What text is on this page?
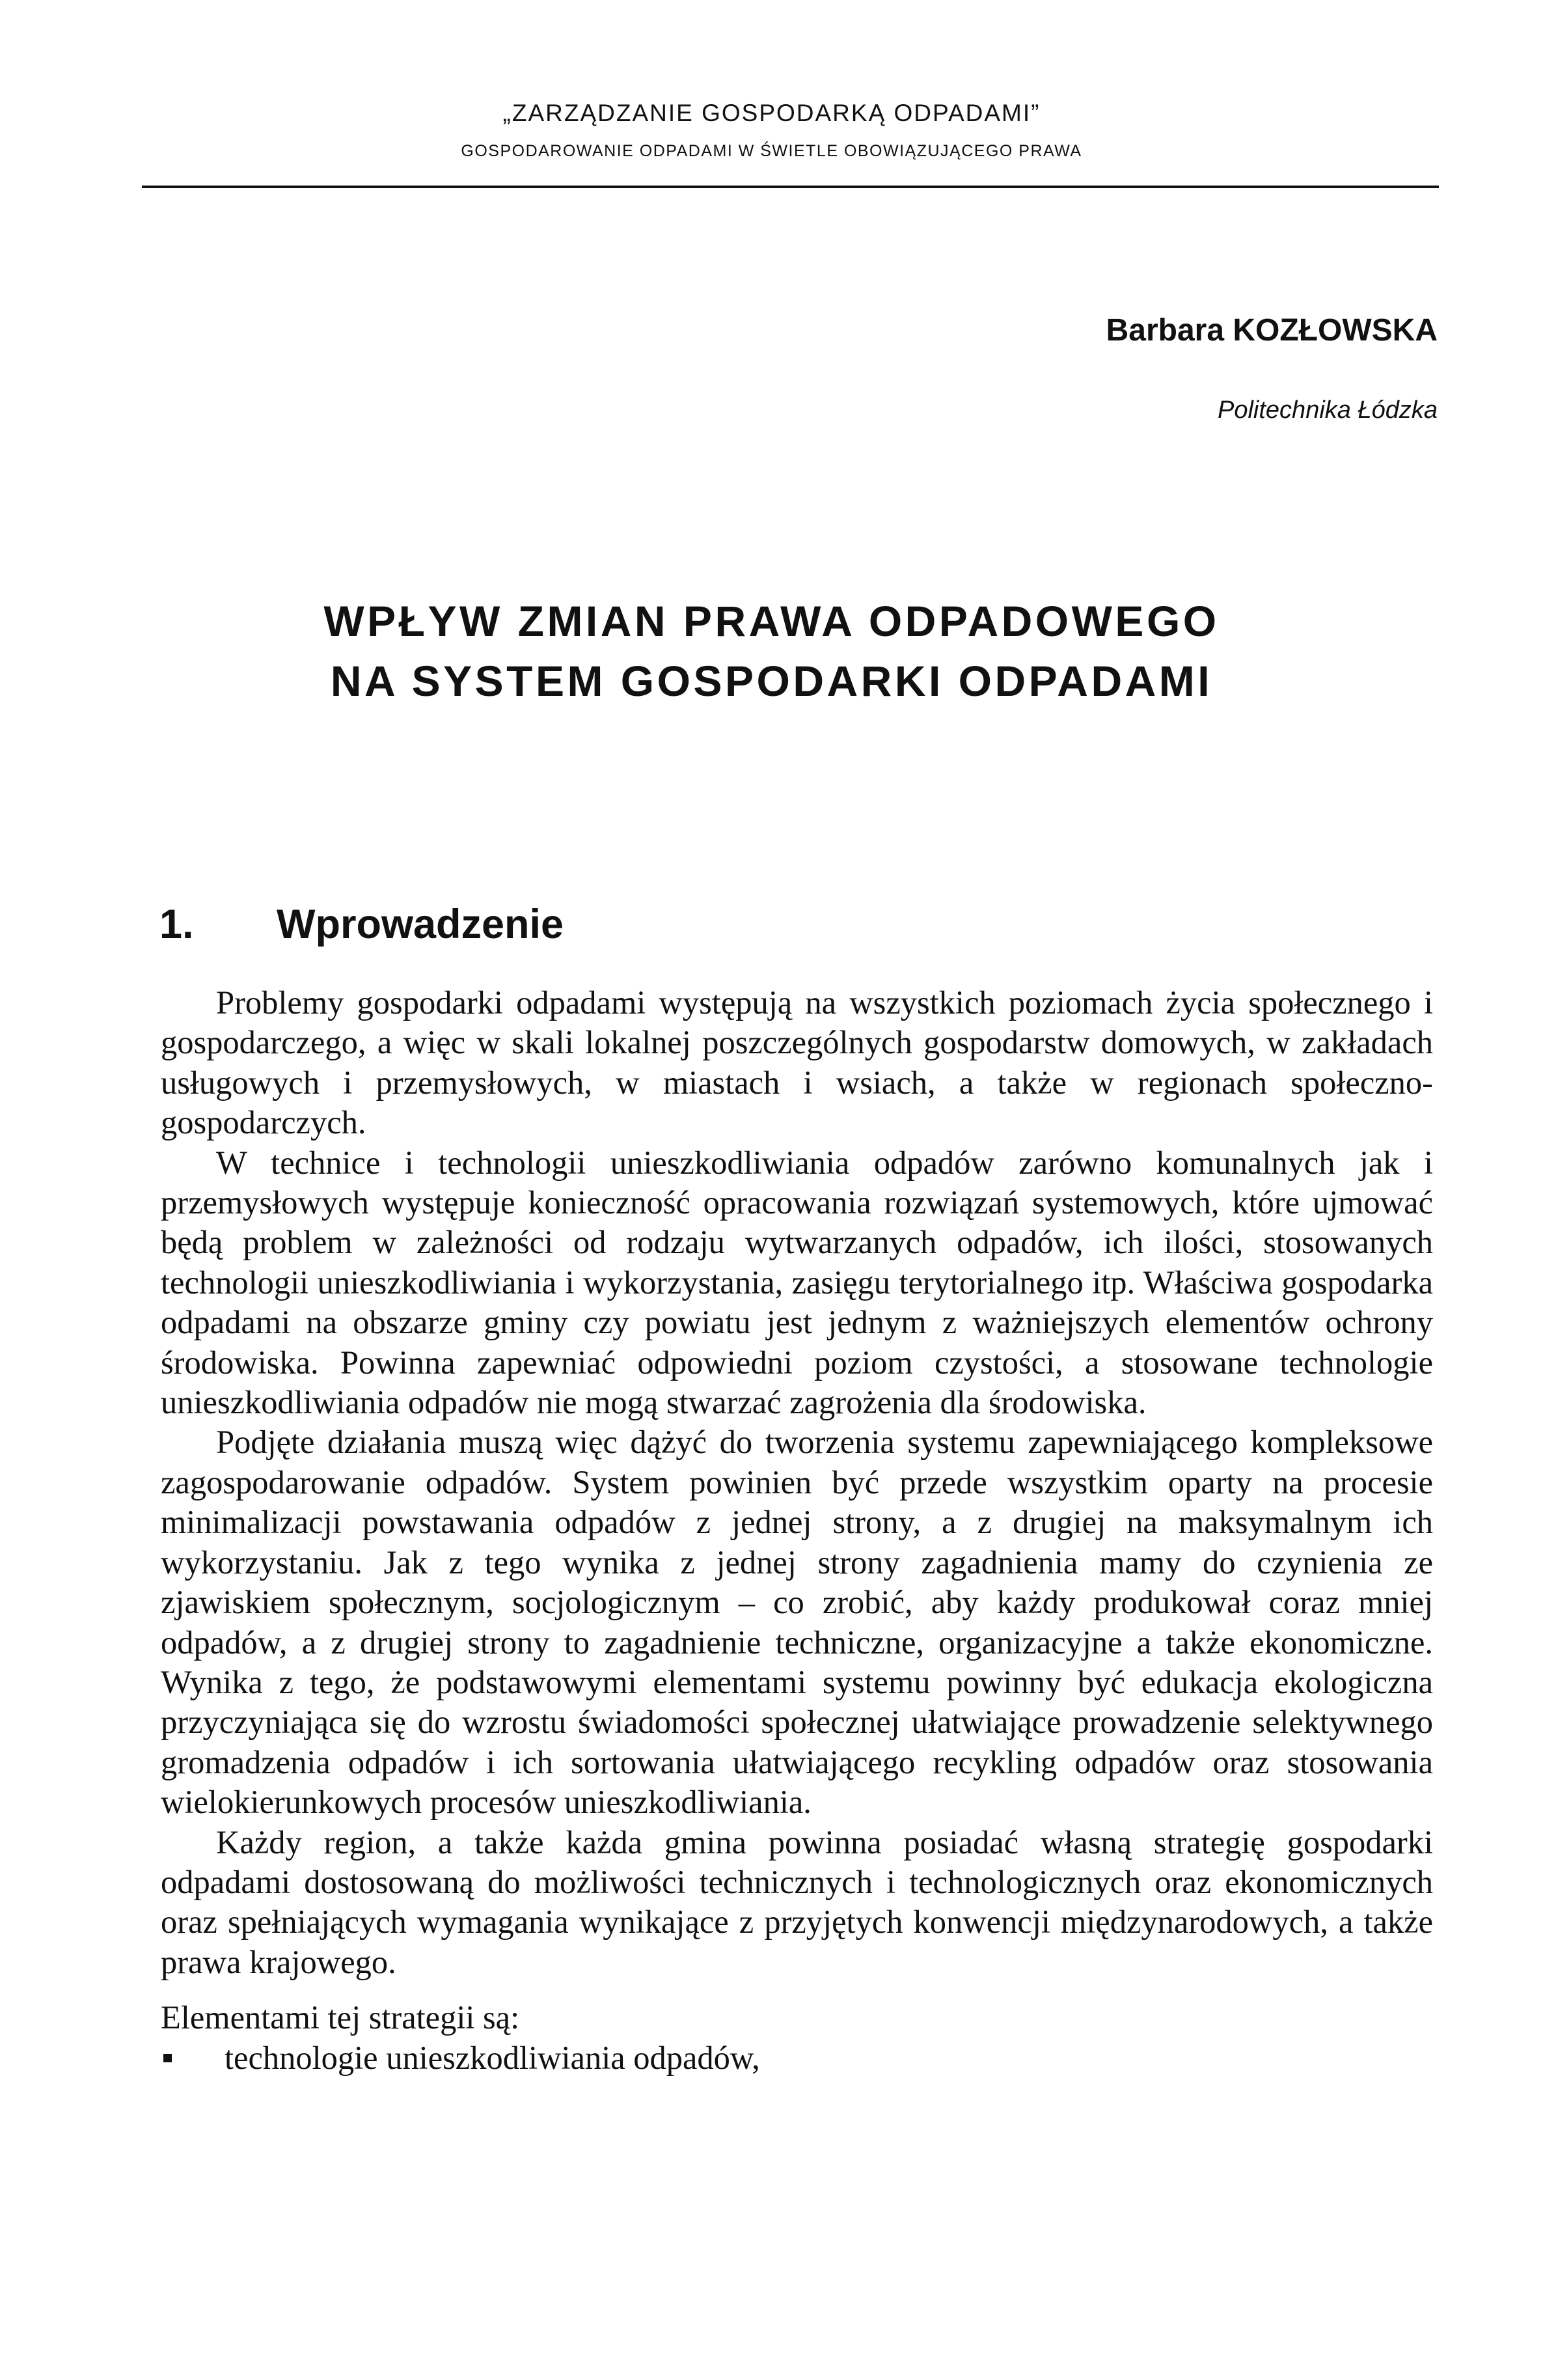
„ZARZĄDZANIE GOSPODARKĄ ODPADAMI”
GOSPODAROWANIE ODPADAMI W ŚWIETLE OBOWIĄZUJĄCEGO PRAWA
Barbara KOZŁOWSKA
Politechnika Łódzka
WPŁYW ZMIAN PRAWA ODPADOWEGO
NA SYSTEM GOSPODARKI ODPADAMI
1. Wprowadzenie

Problemy gospodarki odpadami występują na wszystkich poziomach życia społecznego i gospodarczego, a więc w skali lokalnej poszczególnych gospodarstw domowych, w zakładach usługowych i przemysłowych, w miastach i wsiach, a także w regionach społeczno-gospodarczych.

W technice i technologii unieszkodliwiania odpadów zarówno komunalnych jak i przemysłowych występuje konieczność opracowania rozwiązań systemowych, które ujmować będą problem w zależności od rodzaju wytwarzanych odpadów, ich ilości, stosowanych technologii unieszkodliwiania i wykorzystania, zasięgu terytorialnego itp. Właściwa gospodarka odpadami na obszarze gminy czy powiatu jest jednym z ważniejszych elementów ochrony środowiska. Powinna zapewniać odpowiedni poziom czystości, a stosowane technologie unieszkodliwiania odpadów nie mogą stwarzać zagrożenia dla środowiska.

Podjęte działania muszą więc dążyć do tworzenia systemu zapewniającego kompleksowe zagospodarowanie odpadów. System powinien być przede wszystkim oparty na procesie minimalizacji powstawania odpadów z jednej strony, a z drugiej na maksymalnym ich wykorzystaniu. Jak z tego wynika z jednej strony zagadnienia mamy do czynienia ze zjawiskiem społecznym, socjologicznym – co zrobić, aby każdy produkował coraz mniej odpadów, a z drugiej strony to zagadnienie techniczne, organizacyjne a także ekonomiczne. Wynika z tego, że podstawowymi elementami systemu powinny być edukacja ekologiczna przyczyniająca się do wzrostu świadomości społecznej ułatwiające prowadzenie selektywnego gromadzenia odpadów i ich sortowania ułatwiającego recykling odpadów oraz stosowania wielokierunkowych procesów unieszkodliwiania.

Każdy region, a także każda gmina powinna posiadać własną strategię gospodarki odpadami dostosowaną do możliwości technicznych i technologicznych oraz ekonomicznych oraz spełniających wymagania wynikające z przyjętych konwencji międzynarodowych, a także prawa krajowego.

Elementami tej strategii są:

technologie unieszkodliwiania odpadów,
